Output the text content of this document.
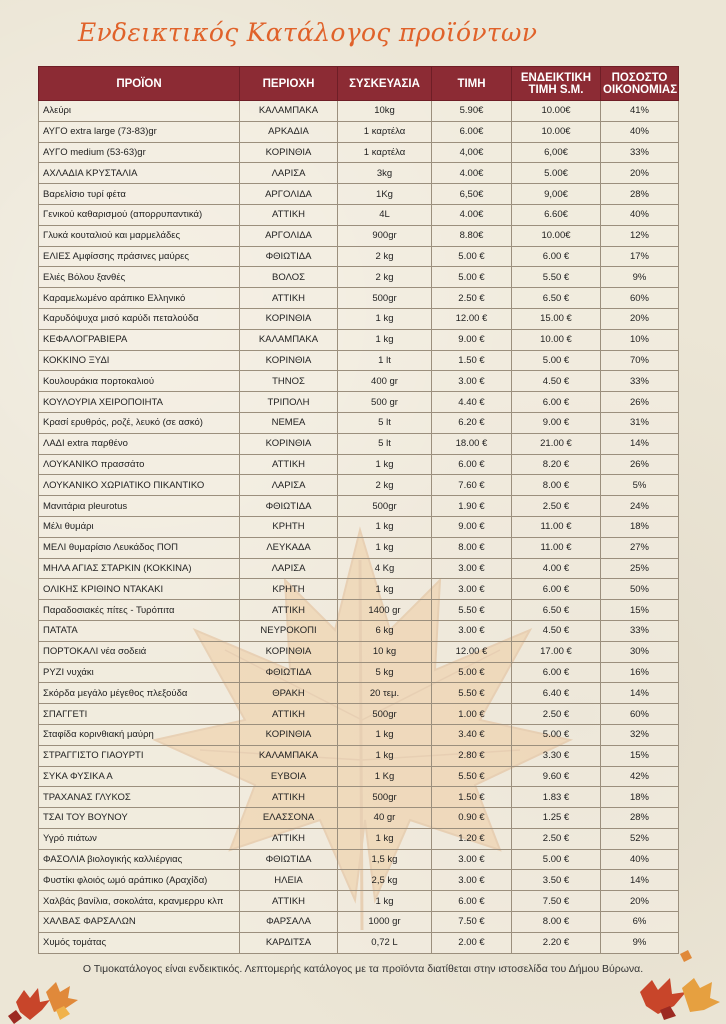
Ενδεικτικός Κατάλογος προϊόντων
ΠΡΟΪΟΝ	ΠΕΡΙΟΧΗ	ΣΥΣΚΕΥΑΣΙΑ	ΤΙΜΗ	ΕΝΔΕΙΚΤΙΚΗ ΤΙΜΗ S.M.	ΠΟΣΟΣΤΟ ΟΙΚΟΝΟΜΙΑΣ
Αλεύρι	ΚΑΛΑΜΠΑΚΑ	10kg	5.90€	10.00€	41%
ΑΥΓΟ extra large (73-83)gr	ΑΡΚΑΔΙΑ	1 καρτέλα	6.00€	10.00€	40%
ΑΥΓΟ medium (53-63)gr	ΚΟΡΙΝΘΙΑ	1 καρτέλα	4,00€	6,00€	33%
ΑΧΛΑΔΙΑ ΚΡΥΣΤΑΛΙΑ	ΛΑΡΙΣΑ	3kg	4.00€	5.00€	20%
Βαρελίσιο τυρί φέτα	ΑΡΓΟΛΙΔΑ	1Kg	6,50€	9,00€	28%
Γενικού καθαρισμού (απορρυπαντικά)	ΑΤΤΙΚΗ	4L	4.00€	6.60€	40%
Γλυκά κουταλιού και μαρμελάδες	ΑΡΓΟΛΙΔΑ	900gr	8.80€	10.00€	12%
ΕΛΙΕΣ Αμφίσσης πράσινες μαύρες	ΦΘΙΩΤΙΔΑ	2 kg	5.00 €	6.00 €	17%
Ελιές Βόλου ξανθές	ΒΟΛΟΣ	2 kg	5.00 €	5.50 €	9%
Καραμελωμένο αράπικο Ελληνικό	ΑΤΤΙΚΗ	500gr	2.50 €	6.50 €	60%
Καρυδόψυχα μισό καρύδι πεταλούδα	ΚΟΡΙΝΘΙΑ	1 kg	12.00 €	15.00 €	20%
ΚΕΦΑΛΟΓΡΑΒΙΕΡΑ	ΚΑΛΑΜΠΑΚΑ	1 kg	9.00 €	10.00 €	10%
ΚΟΚΚΙΝΟ ΞΥΔΙ	ΚΟΡΙΝΘΙΑ	1 lt	1.50 €	5.00 €	70%
Κουλουράκια πορτοκαλιού	ΤΗΝΟΣ	400 gr	3.00 €	4.50 €	33%
ΚΟΥΛΟΥΡΙΑ ΧΕΙΡΟΠΟΙΗΤΑ	ΤΡΙΠΟΛΗ	500 gr	4.40 €	6.00 €	26%
Κρασί ερυθρός, ροζέ, λευκό (σε ασκό)	ΝΕΜΕΑ	5 lt	6.20 €	9.00 €	31%
ΛΑΔΙ extra παρθένο	ΚΟΡΙΝΘΙΑ	5 lt	18.00 €	21.00 €	14%
ΛΟΥΚΑΝΙΚΟ πρασσάτο	ΑΤΤΙΚΗ	1 kg	6.00 €	8.20 €	26%
ΛΟΥΚΑΝΙΚΟ ΧΩΡΙΑΤΙΚΟ ΠΙΚΑΝΤΙΚΟ	ΛΑΡΙΣΑ	2 kg	7.60 €	8.00 €	5%
Μανιτάρια pleurotus	ΦΘΙΩΤΙΔΑ	500gr	1.90 €	2.50 €	24%
Μέλι θυμάρι	ΚΡΗΤΗ	1 kg	9.00 €	11.00 €	18%
ΜΕΛΙ θυμαρίσιο Λευκάδος ΠΟΠ	ΛΕΥΚΑΔΑ	1 kg	8.00 €	11.00 €	27%
ΜΗΛΑ ΑΓΙΑΣ ΣΤΑΡΚΙΝ (ΚΟΚΚΙΝΑ)	ΛΑΡΙΣΑ	4 Kg	3.00 €	4.00 €	25%
ΟΛΙΚΗΣ ΚΡΙΘΙΝΟ ΝΤΑΚΑΚΙ	ΚΡΗΤΗ	1 kg	3.00 €	6.00 €	50%
Παραδοσιακές πίτες - Τυρόπιτα	ΑΤΤΙΚΗ	1400 gr	5.50 €	6.50 €	15%
ΠΑΤΑΤΑ	ΝΕΥΡΟΚΟΠΙ	6 kg	3.00 €	4.50 €	33%
ΠΟΡΤΟΚΑΛΙ νέα σοδειά	ΚΟΡΙΝΘΙΑ	10 kg	12.00 €	17.00 €	30%
ΡΥΖΙ νυχάκι	ΦΘΙΩΤΙΔΑ	5 kg	5.00 €	6.00 €	16%
Σκόρδα μεγάλο μέγεθος πλεξούδα	ΘΡΑΚΗ	20 τεμ.	5.50 €	6.40 €	14%
ΣΠΑΓΓΕΤΙ	ΑΤΤΙΚΗ	500gr	1.00 €	2.50 €	60%
Σταφίδα κορινθιακή μαύρη	ΚΟΡΙΝΘΙΑ	1 kg	3.40 €	5.00 €	32%
ΣΤΡΑΓΓΙΣΤΟ ΓΙΑΟΥΡΤΙ	ΚΑΛΑΜΠΑΚΑ	1 kg	2.80 €	3.30 €	15%
ΣΥΚΑ ΦΥΣΙΚΑ Α	ΕΥΒΟΙΑ	1 Kg	5.50 €	9.60 €	42%
ΤΡΑΧΑΝΑΣ ΓΛΥΚΟΣ	ΑΤΤΙΚΗ	500gr	1.50 €	1.83 €	18%
ΤΣΑΙ ΤΟΥ ΒΟΥΝΟΥ	ΕΛΑΣΣΟΝΑ	40 gr	0.90 €	1.25 €	28%
Υγρό πιάτων	ΑΤΤΙΚΗ	1 kg	1.20 €	2.50 €	52%
ΦΑΣΟΛΙΑ βιολογικής καλλιέργιας	ΦΘΙΩΤΙΔΑ	1,5 kg	3.00 €	5.00 €	40%
Φυστίκι φλοιός ωμό αράπικο (Αραχίδα)	ΗΛΕΙΑ	2,5 kg	3.00 €	3.50 €	14%
Χαλβάς βανίλια, σοκολάτα, κρανμερρυ κλπ	ΑΤΤΙΚΗ	1 kg	6.00 €	7.50 €	20%
ΧΑΛΒΑΣ ΦΑΡΣΑΛΩΝ	ΦΑΡΣΑΛΑ	1000 gr	7.50 €	8.00 €	6%
Χυμός τομάτας	ΚΑΡΔΙΤΣΑ	0,72 L	2.00 €	2.20 €	9%
Ο Τιμοκατάλογος είναι ενδεικτικός. Λεπτομερής κατάλογος με τα προϊόντα διατίθεται στην ιστοσελίδα του Δήμου Βύρωνα.
